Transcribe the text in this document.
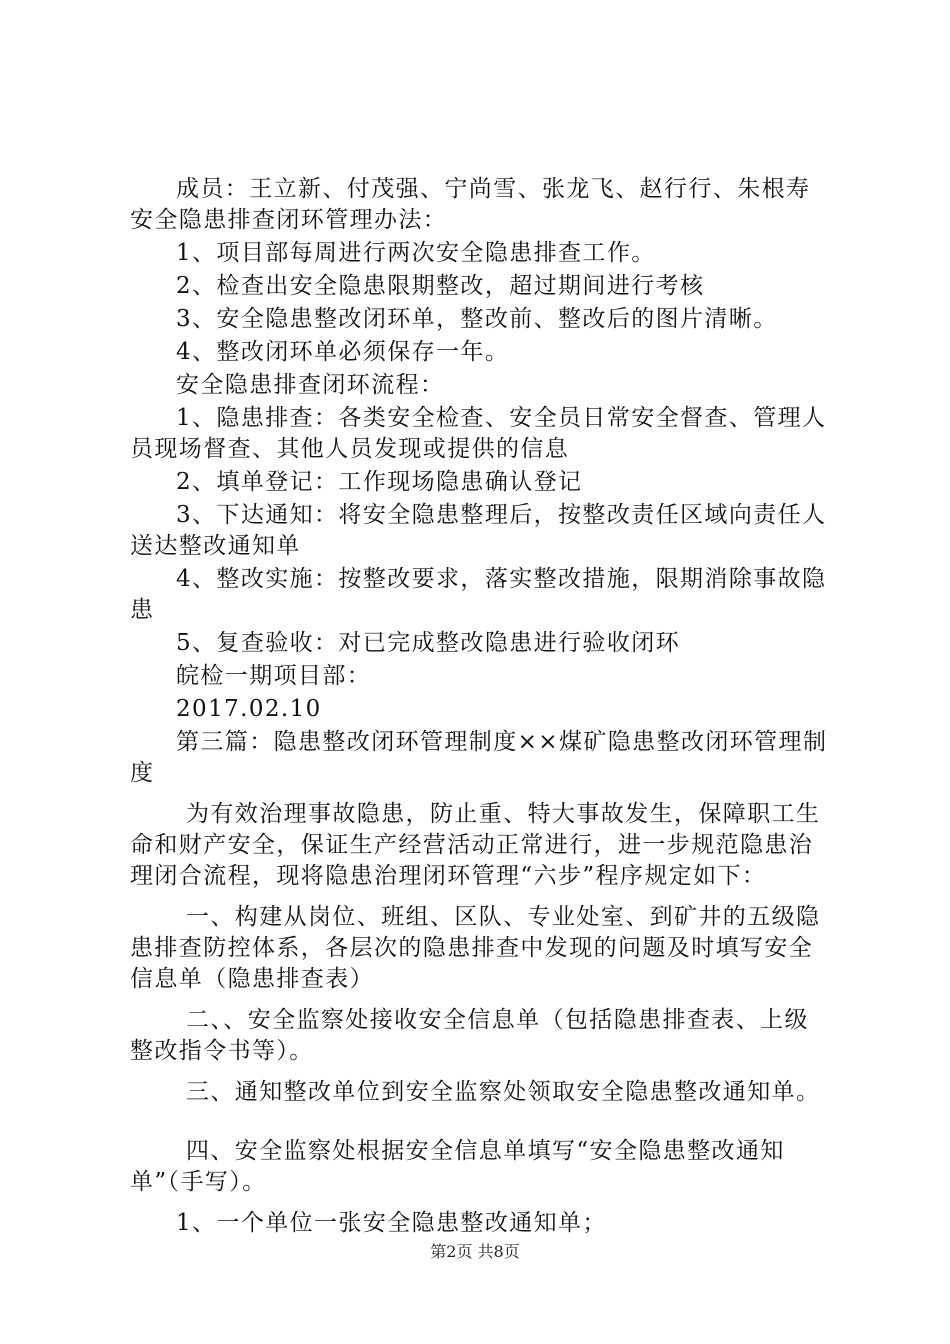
成员：王立新、付茂强、宁尚雪、张龙飞、赵行行、朱根寿安全隐患排查闭环管理办法：

1、项目部每周进行两次安全隐患排查工作。

2、检查出安全隐患限期整改，超过期间进行考核

3、安全隐患整改闭环单，整改前、整改后的图片清晰。

4、整改闭环单必须保存一年。

安全隐患排查闭环流程：

1、隐患排查：各类安全检查、安全员日常安全督查、管理人员现场督查、其他人员发现或提供的信息

2、填单登记：工作现场隐患确认登记

3、下达通知：将安全隐患整理后，按整改责任区域向责任人送达整改通知单

4、整改实施：按整改要求，落实整改措施，限期消除事故隐患

5、复查验收：对已完成整改隐患进行验收闭环

皖检一期项目部：

2017.02.10

第三篇：隐患整改闭环管理制度××煤矿隐患整改闭环管理制度

为有效治理事故隐患，防止重、特大事故发生，保障职工生命和财产安全，保证生产经营活动正常进行，进一步规范隐患治理闭合流程，现将隐患治理闭环管理“六步”程序规定如下：

一、构建从岗位、班组、区队、专业处室、到矿井的五级隐患排查防控体系，各层次的隐患排查中发现的问题及时填写安全信息单（隐患排查表）

二、、安全监察处接收安全信息单（包括隐患排查表、上级整改指令书等）。

三、通知整改单位到安全监察处领取安全隐患整改通知单。

四、安全监察处根据安全信息单填写“安全隐患整改通知单”（手写）。

1、一个单位一张安全隐患整改通知单；

第2页 共8页
